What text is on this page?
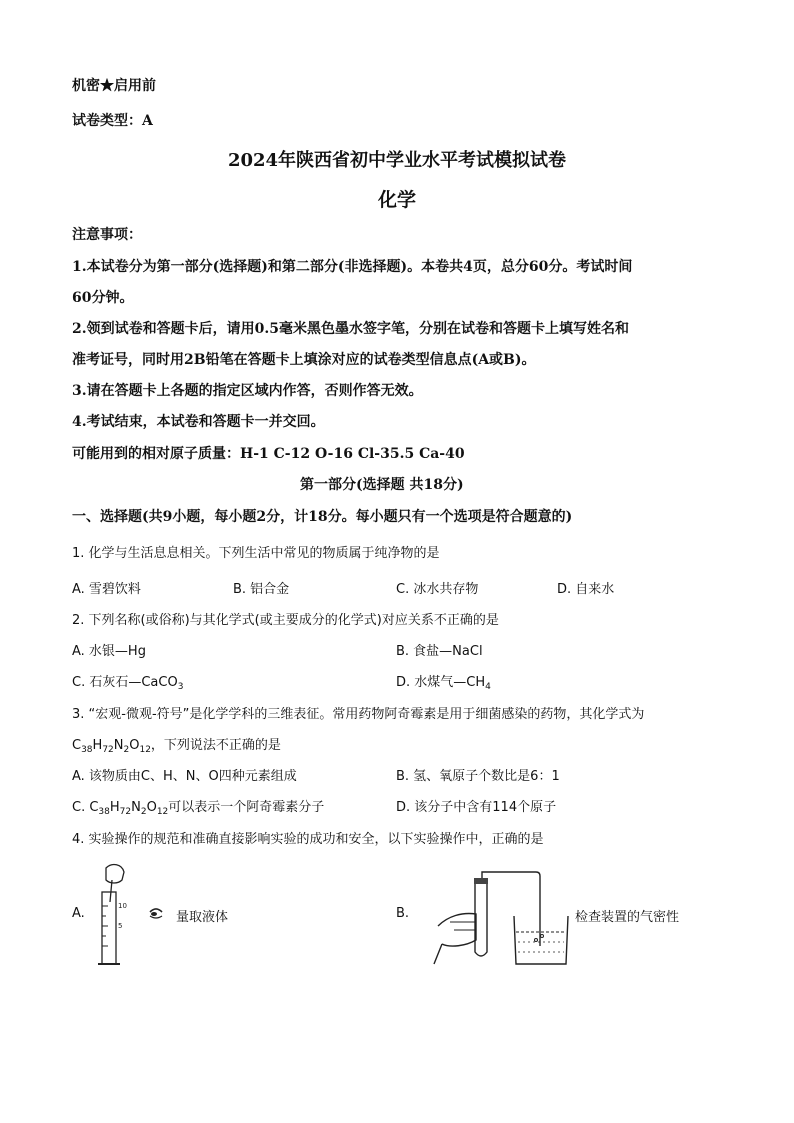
机密★启用前
试卷类型：A
2024年陕西省初中学业水平考试模拟试卷
化学
注意事项：
1.本试卷分为第一部分(选择题)和第二部分(非选择题)。本卷共4页，总分60分。考试时间
60分钟。
2.领到试卷和答题卡后，请用0.5毫米黑色墨水签字笔，分别在试卷和答题卡上填写姓名和
准考证号，同时用2B铅笔在答题卡上填涂对应的试卷类型信息点(A或B)。
3.请在答题卡上各题的指定区域内作答，否则作答无效。
4.考试结束，本试卷和答题卡一并交回。
可能用到的相对原子质量：H-1 C-12 O-16 Cl-35.5 Ca-40
第一部分(选择题 共18分)
一、选择题(共9小题，每小题2分，计18分。每小题只有一个选项是符合题意的)
1. 化学与生活息息相关。下列生活中常见的物质属于纯净物的是
A. 雪碧饮料	B. 铝合金	C. 冰水共存物	D. 自来水
2. 下列名称(或俗称)与其化学式(或主要成分的化学式)对应关系不正确的是
A. 水银—Hg	B. 食盐—NaCl
C. 石灰石—CaCO$_3$	D. 水煤气$—CH_4$
3. “宏观-微观-符号”是化学学科的三维表征。常用药物阿奇霉素是用于细菌感染的药物，其化学式为
$C_{38}H_{72}N_2O_{12}$，下列说法不正确的是
A. 该物质由C、H、N、O四种元素组成	B. 氢、氧原子个数比是6：1
C. $C_{38}H_{72}N_2O_{12}$可以表示一个阿奇霉素分子	D. 该分子中含有114个原子
4. 实验操作的规范和准确直接影响实验的成功和安全，以下实验操作中，正确的是
A.	10
5
量取液体	B.	检查装置的气密性
